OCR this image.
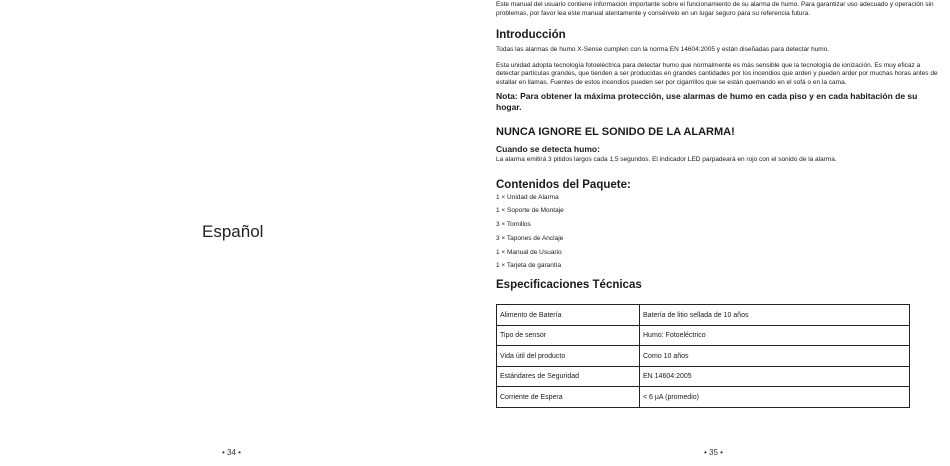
Español
• 34 •

Este manual del usuario contiene información importante sobre el funcionamiento de su alarma de humo. Para garantizar uso adecuado y operación sin problemas, por favor lea este manual atentamente y consérvelo en un lugar seguro para su referencia futura.

Introducción

Todas las alarmas de humo X-Sense cumplen con la norma EN 14604:2005 y están diseñadas para detectar humo.

Esta unidad adopta tecnología fotoeléctrica para detectar humo que normalmente es más sensible que la tecnología de ionización. Es muy eficaz a detectar partículas grandes, que tienden a ser producidas en grandes cantidades por los incendios que arden y pueden arder por muchas horas antes de estallar en llamas. Fuentes de estos incendios pueden ser por cigarrillos que se están quemando en el sofá o en la cama.

Nota: Para obtener la máxima protección, use alarmas de humo en cada piso y en cada habitación de su hogar.

NUNCA IGNORE EL SONIDO DE LA ALARMA!
Cuando se detecta humo:

La alarma emitirá 3 pitidos largos cada 1,5 segundos. El indicador LED parpadeará en rojo con el sonido de la alarma.

Contenidos del Paquete:
1 × Unidad de Alarma
1 × Soporte de Montaje
3 × Tornillos
3 × Tapones de Anclaje
1 × Manual de Usuario
1 × Tarjeta de garantía
Especificaciones Técnicas
Alimento de Batería	Batería de litio sellada de 10 años
Tipo de sensor	Humo: Fotoeléctrico
Vida útil del producto	Como 10 años
Estándares de Seguridad	EN 14604:2005
Corriente de Espera	< 6 µA (promedio)
• 35 •
